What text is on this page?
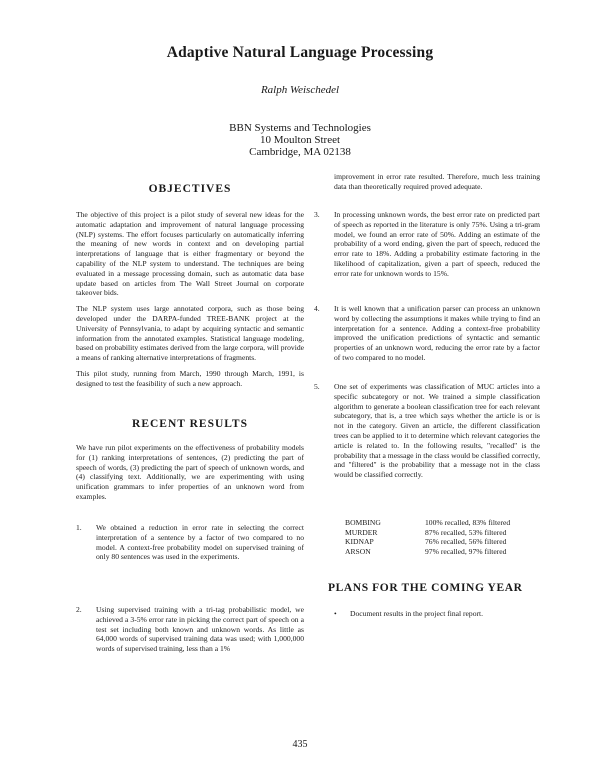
Adaptive Natural Language Processing
Ralph Weischedel
BBN Systems and Technologies
10 Moulton Street
Cambridge, MA 02138
OBJECTIVES

The objective of this project is a pilot study of several new ideas for the automatic adaptation and improvement of natural language processing (NLP) systems. The effort focuses particularly on automatically inferring the meaning of new words in context and on developing partial interpretations of language that is either fragmentary or beyond the capability of the NLP system to understand. The techniques are being evaluated in a message processing domain, such as automatic data base update based on articles from The Wall Street Journal on corporate takeover bids.

The NLP system uses large annotated corpora, such as those being developed under the DARPA-funded TREE-BANK project at the University of Pennsylvania, to adapt by acquiring syntactic and semantic information from the annotated examples. Statistical language modeling, based on probability estimates derived from the large corpora, will provide a means of ranking alternative interpretations of fragments.

This pilot study, running from March, 1990 through March, 1991, is designed to test the feasibility of such a new approach.

RECENT RESULTS
We have run pilot experiments on the effectiveness of probability models for (1) ranking interpretations of sentences, (2) predicting the part of speech of words, (3) predicting the part of speech of unknown words, and (4) classifying text. Additionally, we are experimenting with using unification grammars to infer properties of an unknown word from examples.
1. We obtained a reduction in error rate in selecting the correct interpretation of a sentence by a factor of two compared to no model. A context-free probability model on supervised training of only 80 sentences was used in the experiments.
2. Using supervised training with a tri-tag probabilistic model, we achieved a 3-5% error rate in picking the correct part of speech on a test set including both known and unknown words. As little as 64,000 words of supervised training data was used; with 1,000,000 words of supervised training, less than a 1%
improvement in error rate resulted. Therefore, much less training data than theoretically required proved adequate.
3. In processing unknown words, the best error rate on predicted part of speech as reported in the literature is only 75%. Using a tri-gram model, we found an error rate of 50%. Adding an estimate of the probability of a word ending, given the part of speech, reduced the error rate to 18%. Adding a probability estimate factoring in the likelihood of capitalization, given a part of speech, reduced the error rate for unknown words to 15%.
4. It is well known that a unification parser can process an unknown word by collecting the assumptions it makes while trying to find an interpretation for a sentence. Adding a context-free probability improved the unification predictions of syntactic and semantic properties of an unknown word, reducing the error rate by a factor of two compared to no model.
5. One set of experiments was classification of MUC articles into a specific subcategory or not. We trained a simple classification algorithm to generate a boolean classification tree for each relevant subcategory, that is, a tree which says whether the article is or is not in the category. Given an article, the different classification trees can be applied to it to determine which relevant categories the article is related to. In the following results, "recalled" is the probability that a message in the class would be classified correctly, and "filtered" is the probability that a message not in the class would be classified correctly.
BOMBING	100% recalled, 83% filtered
MURDER	87% recalled, 53% filtered
KIDNAP	76% recalled, 56% filtered
ARSON	97% recalled, 97% filtered
PLANS FOR THE COMING YEAR
• Document results in the project final report.
435
